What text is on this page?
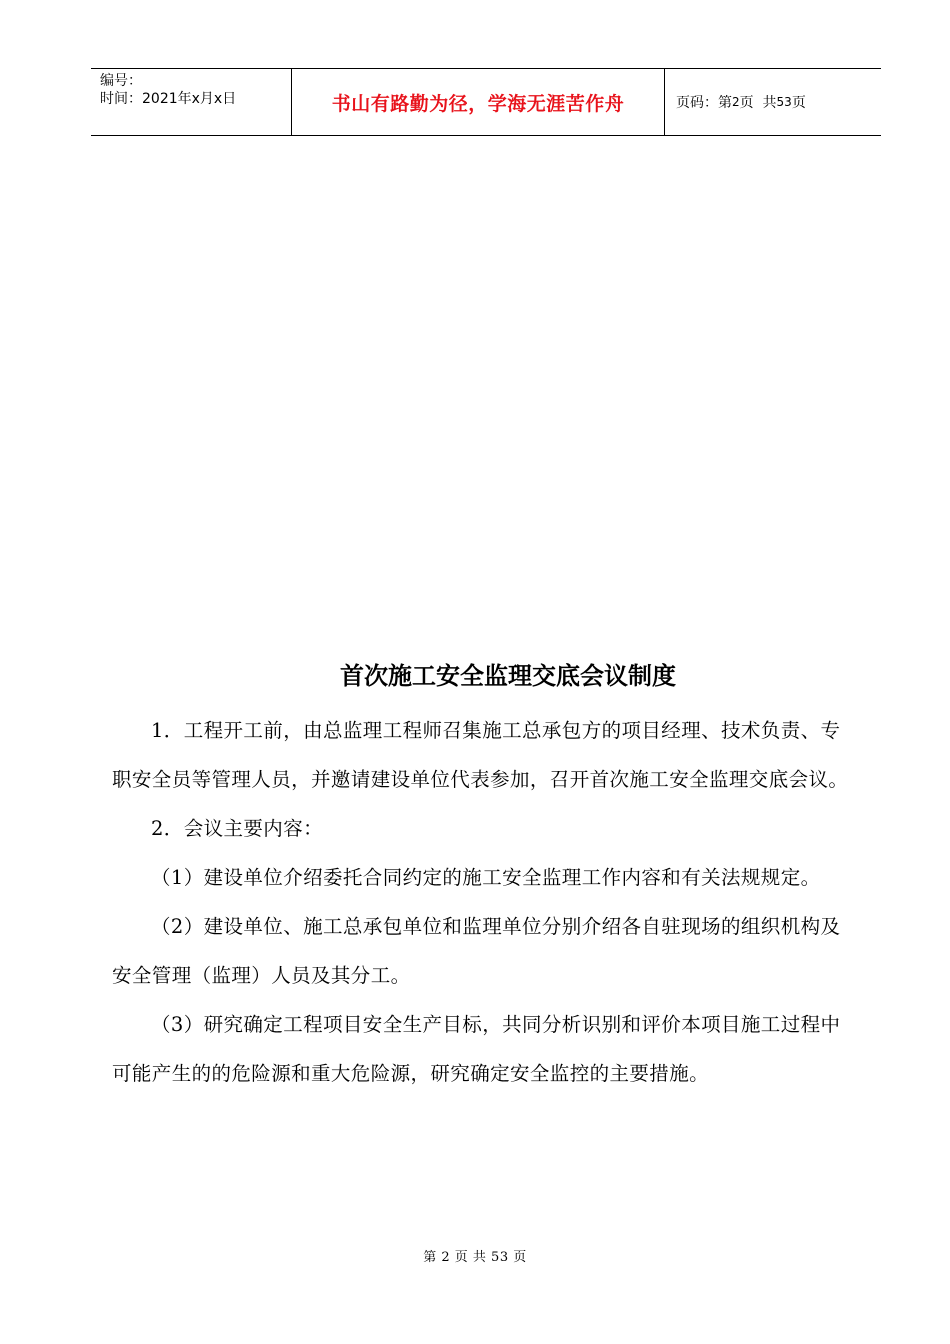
编号：
时间：2021年x月x日	书山有路勤为径，学海无涯苦作舟	页码：第 2 页  共 53 页
首次施工安全监理交底会议制度

1．工程开工前，由总监理工程师召集施工总承包方的项目经理、技术负责、专职安全员等管理人员，并邀请建设单位代表参加，召开首次施工安全监理交底会议。

2．会议主要内容：

（1）建设单位介绍委托合同约定的施工安全监理工作内容和有关法规规定。

（2）建设单位、施工总承包单位和监理单位分别介绍各自驻现场的组织机构及安全管理（监理）人员及其分工。

（3）研究确定工程项目安全生产目标，共同分析识别和评价本项目施工过程中可能产生的的危险源和重大危险源，研究确定安全监控的主要措施。

第 2 页 共 53 页
